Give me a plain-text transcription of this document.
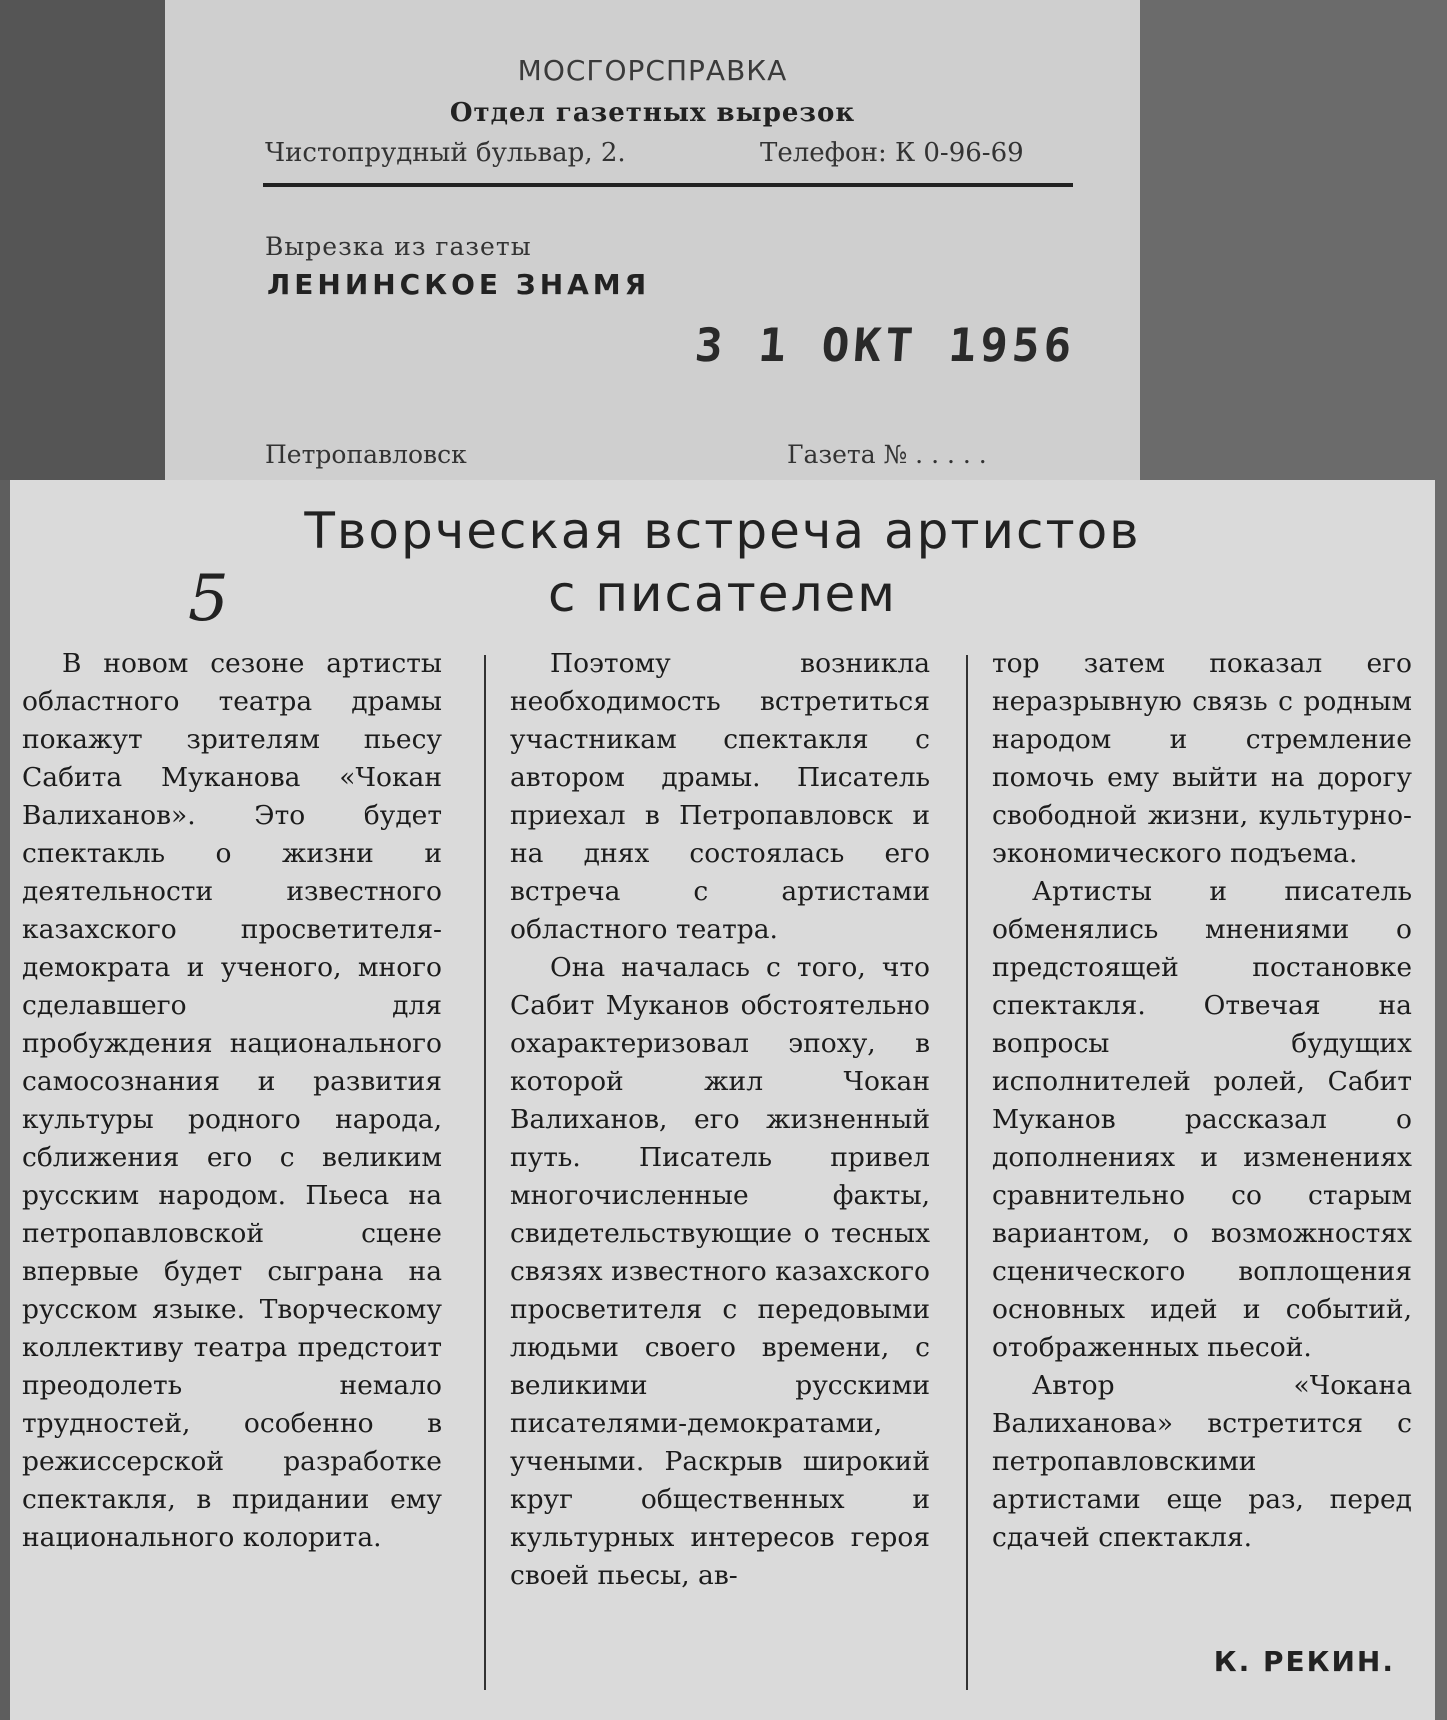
МОСГОРСПРАВКА
Отдел газетных вырезок
Чистопрудный бульвар, 2.	Телефон: К 0-96-69
Вырезка из газеты
ЛЕНИНСКОЕ ЗНАМЯ
3 1 ОКТ 1956
Петропавловск	Газета № . . . . .
Творческая встреча артистов
с писателем
5

В новом сезоне артисты областного театра драмы покажут зрителям пьесу Сабита Муканова «Чокан Валиханов». Это будет спектакль о жизни и деятельности известного казахского просветителя-демократа и ученого, много сделавшего для пробуждения национального самосознания и развития культуры родного народа, сближения его с великим русским народом. Пьеса на петропавловской сцене впервые будет сыграна на русском языке. Творческому коллективу театра предстоит преодолеть немало трудностей, особенно в режиссерской разработке спектакля, в придании ему национального колорита.

Поэтому возникла необходимость встретиться участникам спектакля с автором драмы. Писатель приехал в Петропавловск и на днях состоялась его встреча с артистами областного театра.

Она началась с того, что Сабит Муканов обстоятельно охарактеризовал эпоху, в которой жил Чокан Валиханов, его жизненный путь. Писатель привел многочисленные факты, свидетельствующие о тесных связях известного казахского просветителя с передовыми людьми своего времени, с великими русскими писателями-демократами, учеными. Раскрыв широкий круг общественных и культурных интересов героя своей пьесы, ав-

тор затем показал его неразрывную связь с родным народом и стремление помочь ему выйти на дорогу свободной жизни, культурно-экономического подъема.

Артисты и писатель обменялись мнениями о предстоящей постановке спектакля. Отвечая на вопросы будущих исполнителей ролей, Сабит Муканов рассказал о дополнениях и изменениях сравнительно со старым вариантом, о возможностях сценического воплощения основных идей и событий, отображенных пьесой.

Автор «Чокана Валиханова» встретится с петропавловскими артистами еще раз, перед сдачей спектакля.

К. РЕКИН.
